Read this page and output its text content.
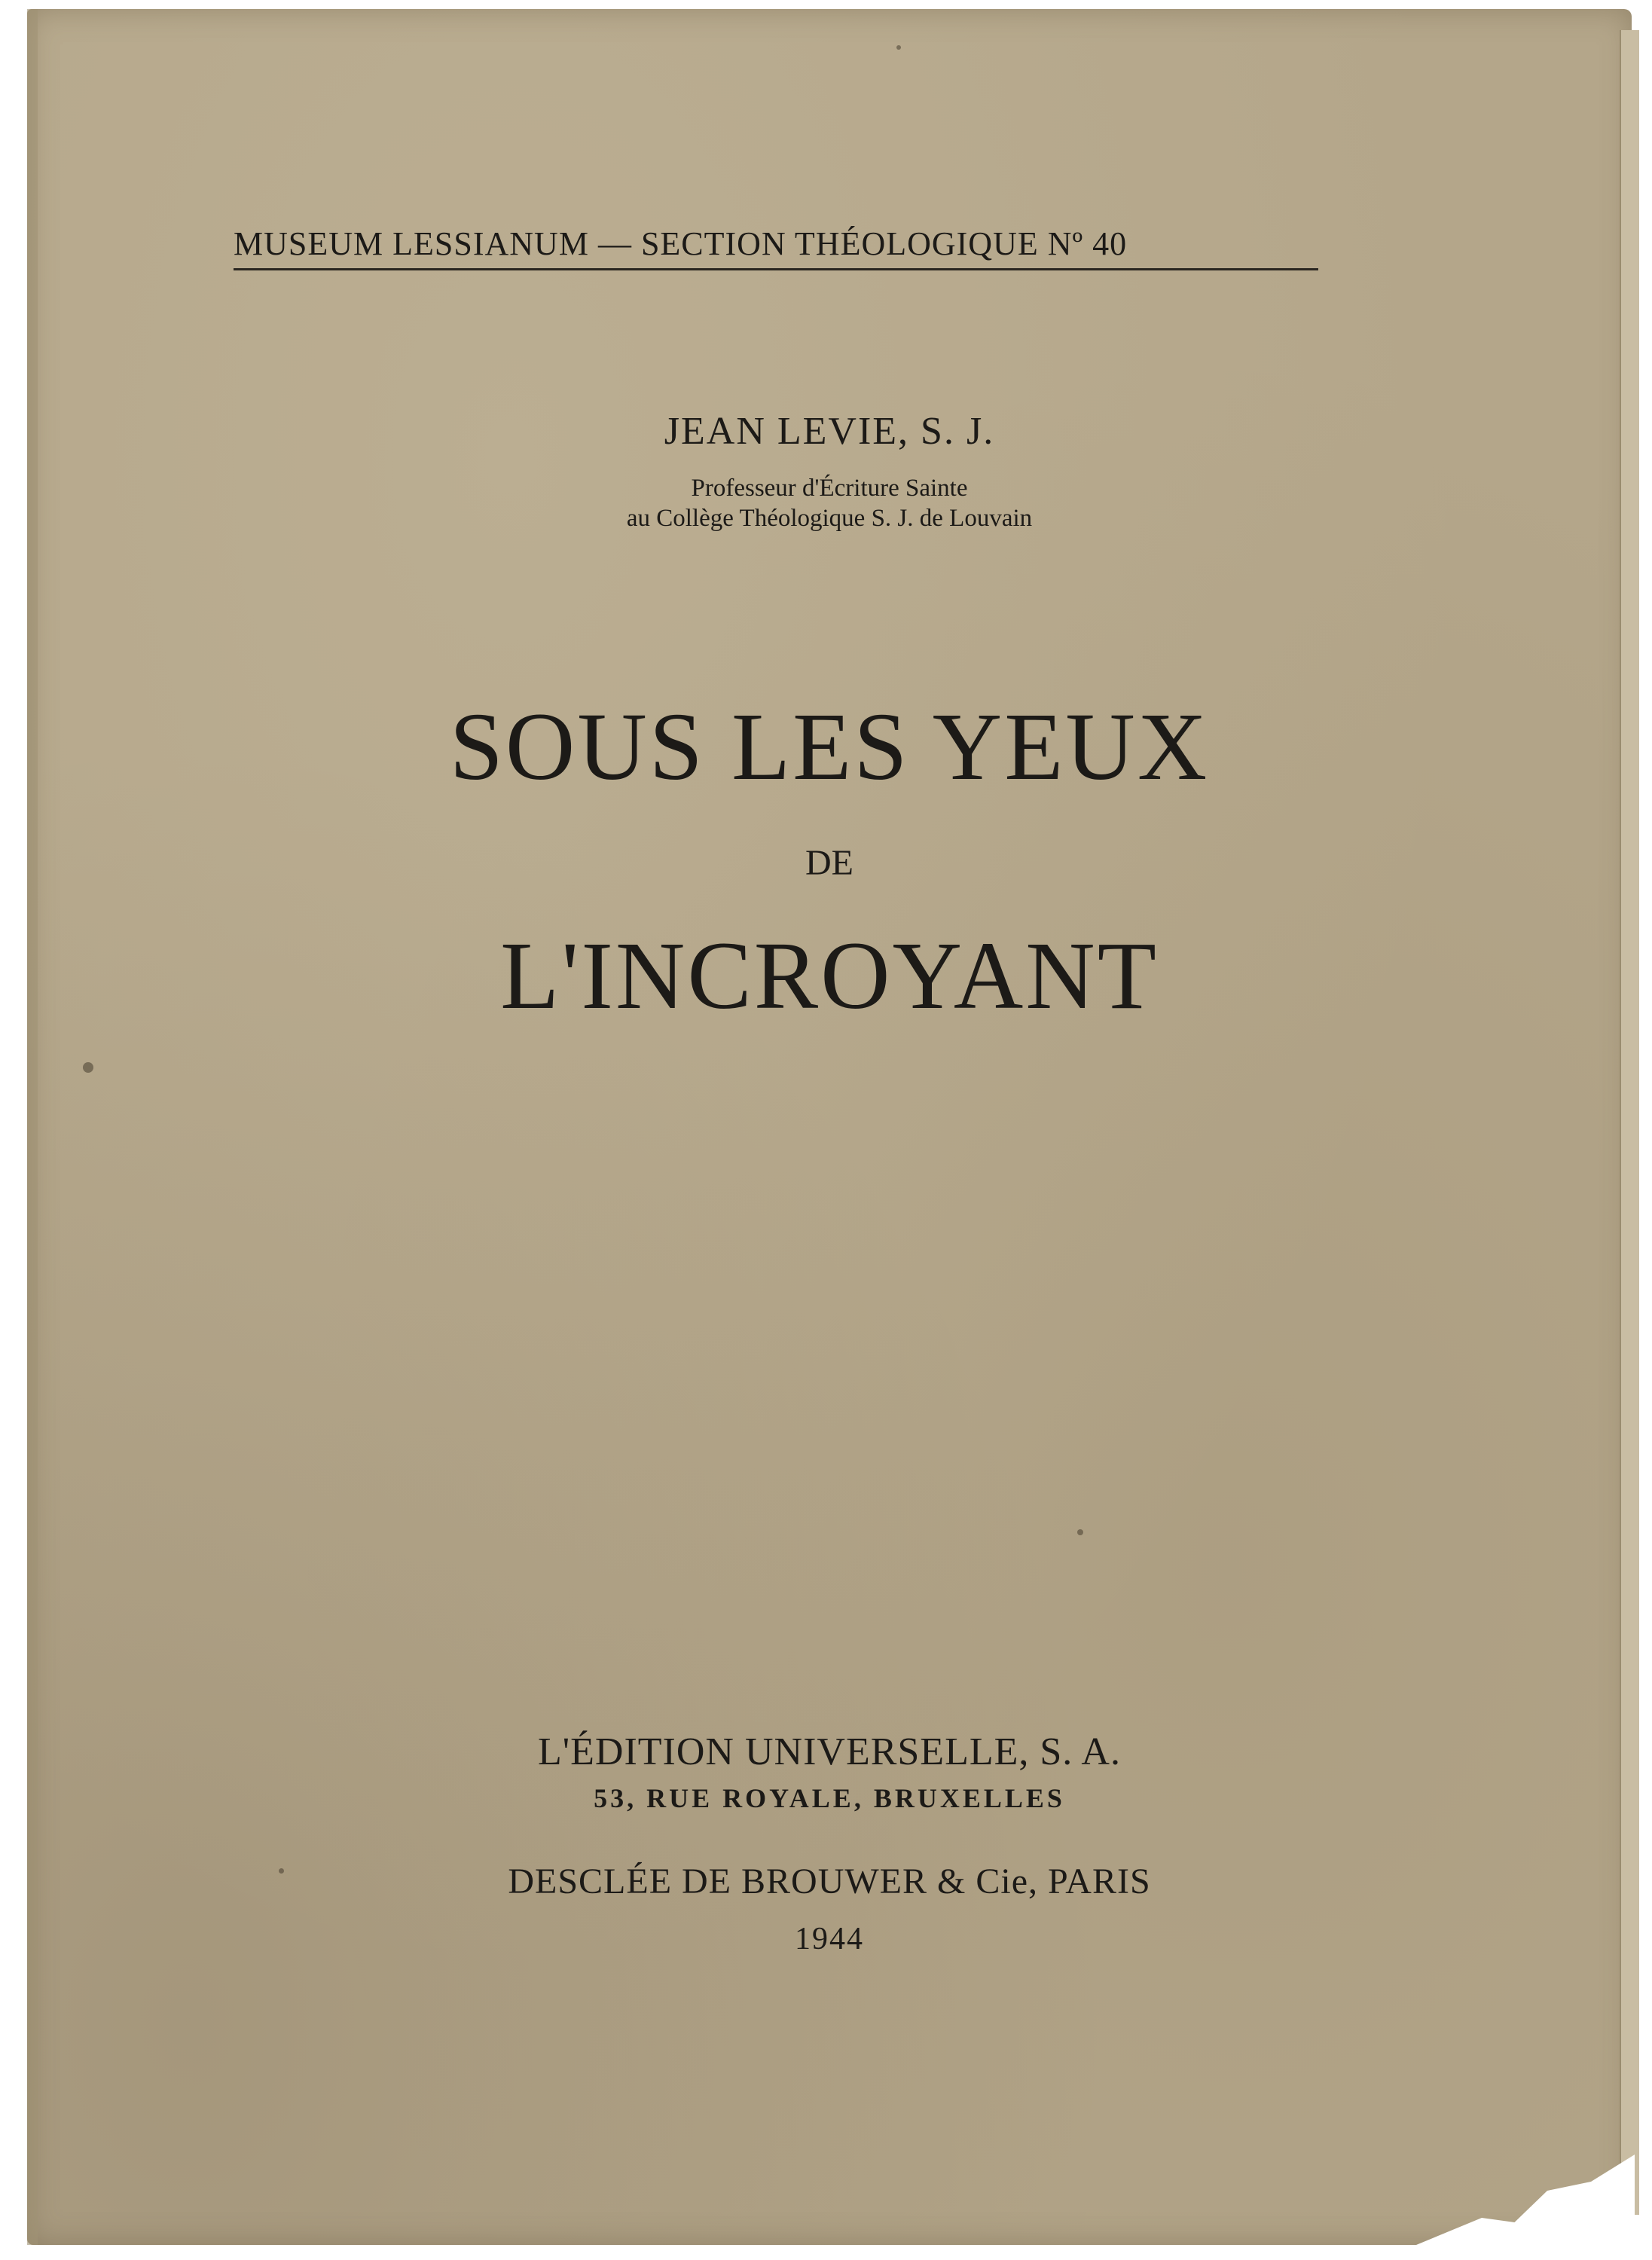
MUSEUM LESSIANUM — SECTION THÉOLOGIQUE Nº 40

JEAN LEVIE, S. J.

Professeur d'Écriture Sainte

au Collège Théologique S. J. de Louvain

SOUS LES YEUX

DE

L'INCROYANT

L'ÉDITION UNIVERSELLE, S. A.

53, RUE ROYALE, BRUXELLES

DESCLÉE DE BROUWER & Cie, PARIS

1944
